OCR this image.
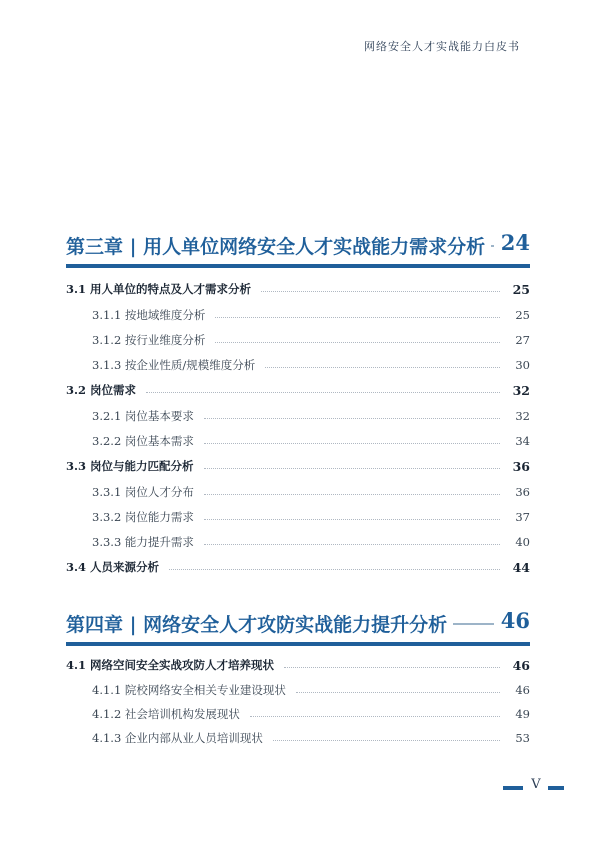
网络安全人才实战能力白皮书
第三章 | 用人单位网络安全人才实战能力需求分析 24
3.1 用人单位的特点及人才需求分析	25
3.1.1 按地域维度分析	25
3.1.2 按行业维度分析	27
3.1.3 按企业性质/规模维度分析	30
3.2 岗位需求	32
3.2.1 岗位基本要求	32
3.2.2 岗位基本需求	34
3.3 岗位与能力匹配分析	36
3.3.1 岗位人才分布	36
3.3.2 岗位能力需求	37
3.3.3 能力提升需求	40
3.4 人员来源分析	44
第四章 | 网络安全人才攻防实战能力提升分析	46
4.1 网络空间安全实战攻防人才培养现状	46
4.1.1 院校网络安全相关专业建设现状	46
4.1.2 社会培训机构发展现状	49
4.1.3 企业内部从业人员培训现状	53
V
